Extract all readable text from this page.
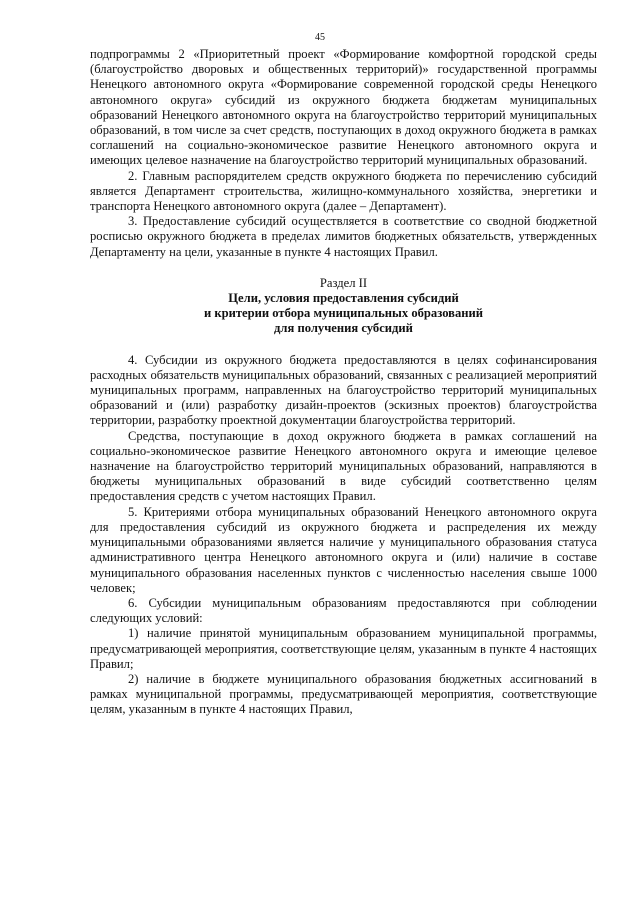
45

подпрограммы 2 «Приоритетный проект «Формирование комфортной городской среды (благоустройство дворовых и общественных территорий)» государственной программы Ненецкого автономного округа «Формирование современной городской среды Ненецкого автономного округа» субсидий из окружного бюджета бюджетам муниципальных образований Ненецкого автономного округа на благоустройство территорий муниципальных образований, в том числе за счет средств, поступающих в доход окружного бюджета в рамках соглашений на социально-экономическое развитие Ненецкого автономного округа и имеющих целевое назначение на благоустройство территорий муниципальных образований.

2. Главным распорядителем средств окружного бюджета по перечислению субсидий является Департамент строительства, жилищно-коммунального хозяйства, энергетики и транспорта Ненецкого автономного округа (далее – Департамент).

3. Предоставление субсидий осуществляется в соответствие со сводной бюджетной росписью окружного бюджета в пределах лимитов бюджетных обязательств, утвержденных Департаменту на цели, указанные в пункте 4 настоящих Правил.

Раздел II

Цели, условия предоставления субсидий
и критерии отбора муниципальных образований
для получения субсидий

4. Субсидии из окружного бюджета предоставляются в целях софинансирования расходных обязательств муниципальных образований, связанных с реализацией мероприятий муниципальных программ, направленных на благоустройство территорий муниципальных образований и (или) разработку дизайн-проектов (эскизных проектов) благоустройства территории, разработку проектной документации благоустройства территорий.

Средства, поступающие в доход окружного бюджета в рамках соглашений на социально-экономическое развитие Ненецкого автономного округа и имеющие целевое назначение на благоустройство территорий муниципальных образований, направляются в бюджеты муниципальных образований в виде субсидий соответственно целям предоставления средств с учетом настоящих Правил.

5. Критериями отбора муниципальных образований Ненецкого автономного округа для предоставления субсидий из окружного бюджета и распределения их между муниципальными образованиями является наличие у муниципального образования статуса административного центра Ненецкого автономного округа и (или) наличие в составе муниципального образования населенных пунктов с численностью населения свыше 1000 человек;

6. Субсидии муниципальным образованиям предоставляются при соблюдении следующих условий:

1) наличие принятой муниципальным образованием муниципальной программы, предусматривающей мероприятия, соответствующие целям, указанным в пункте 4 настоящих Правил;

2) наличие в бюджете муниципального образования бюджетных ассигнований в рамках муниципальной программы, предусматривающей мероприятия, соответствующие целям, указанным в пункте 4 настоящих Правил,
